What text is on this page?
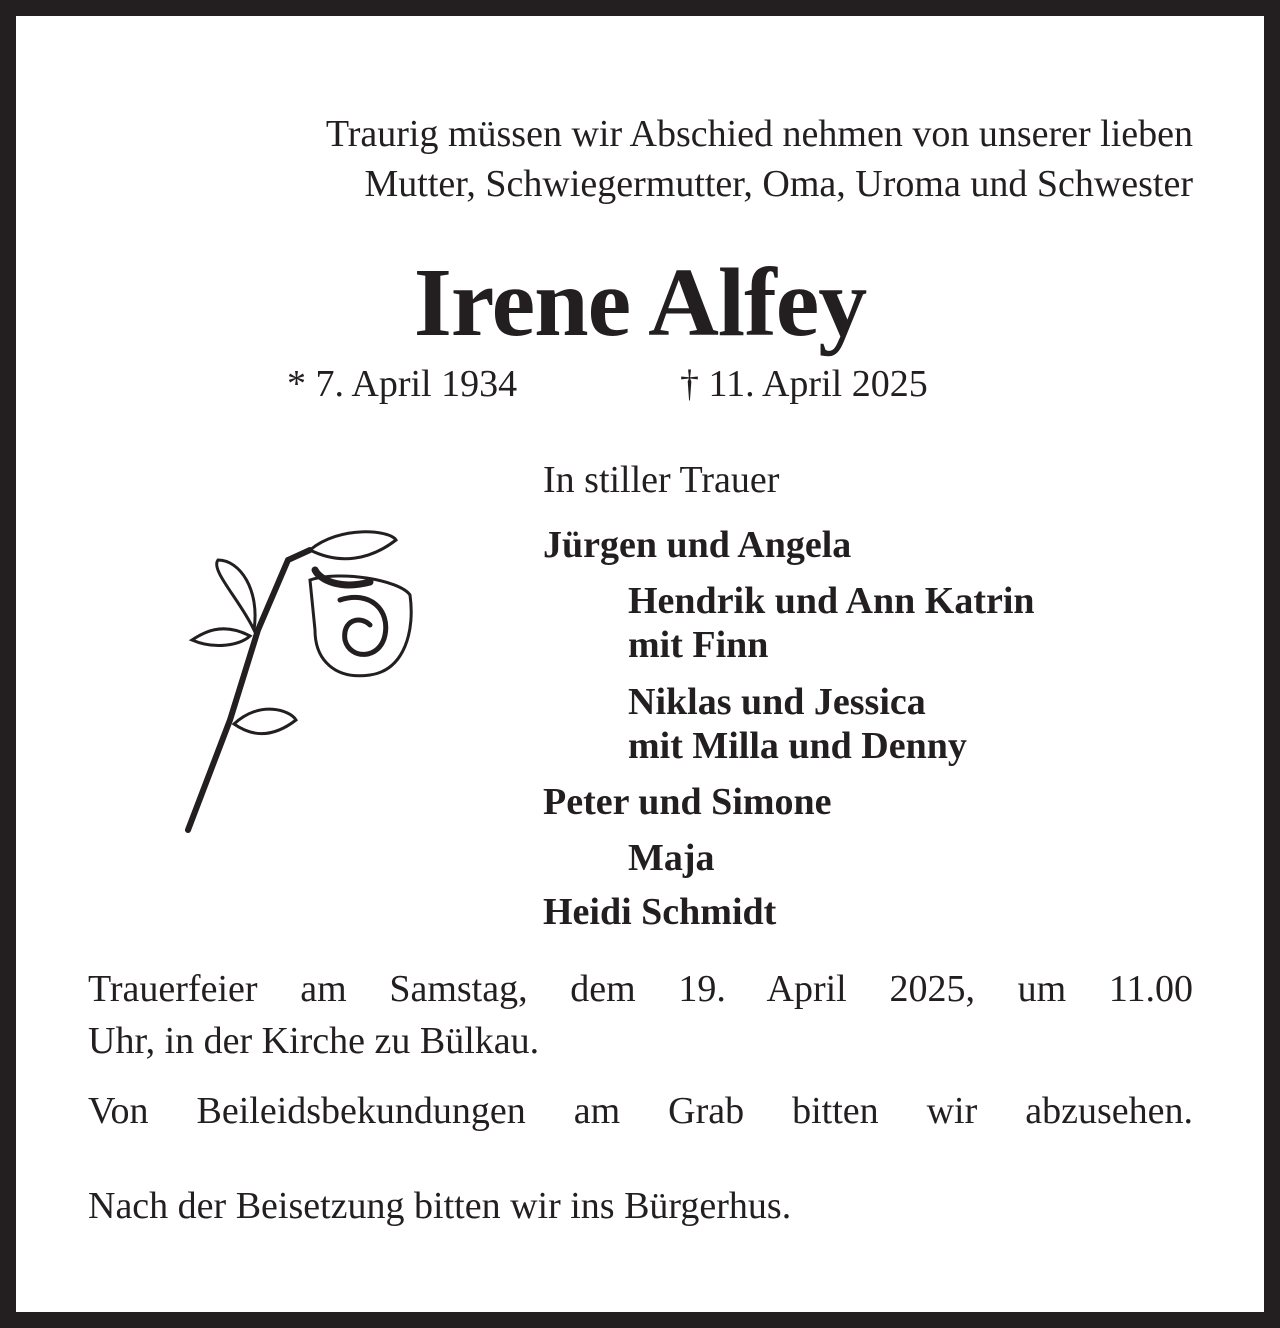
Traurig müssen wir Abschied nehmen von unserer lieben
Mutter, Schwiegermutter, Oma, Uroma und Schwester
Irene Alfey
* 7. April 1934	† 11. April 2025
In stiller Trauer
Jürgen und Angela
Hendrik und Ann Katrin
mit Finn
Niklas und Jessica
mit Milla und Denny
Peter und Simone
Maja
Heidi Schmidt
Trauerfeier am Samstag, dem 19. April 2025, um 11.00
Uhr, in der Kirche zu Bülkau.
Von Beileidsbekundungen am Grab bitten wir abzusehen.
Nach der Beisetzung bitten wir ins Bürgerhus.
